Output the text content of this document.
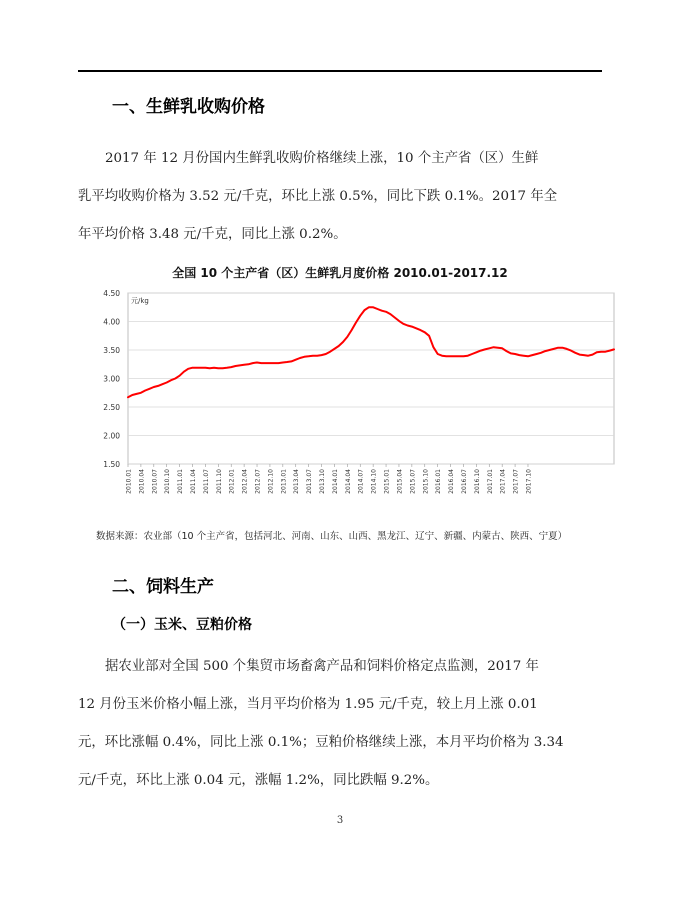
一、生鲜乳收购价格
2017 年 12 月份国内生鲜乳收购价格继续上涨，10 个主产省（区）生鲜
乳平均收购价格为 3.52 元/千克，环比上涨 0.5%，同比下跌 0.1%。2017 年全
年平均价格 3.48 元/千克，同比上涨 0.2%。
全国 10 个主产省（区）生鲜乳月度价格 2010.01-2017.12
4.50
4.00
3.50
3.00
2.50
2.00
1.50
元/kg
2010.01 2010.04 2010.07 2010.10 2011.01 2011.04 2011.07 2011.10 2012.01 2012.04 2012.07 2012.10 2013.01 2013.04 2013.07 2013.10 2014.01 2014.04 2014.07 2014.10 2015.01 2015.04 2015.07 2015.10 2016.01 2016.04 2016.07 2016.10 2017.01 2017.04 2017.07 2017.10
数据来源：农业部（10 个主产省，包括河北、河南、山东、山西、黑龙江、辽宁、新疆、内蒙古、陕西、宁夏）
二、饲料生产
（一）玉米、豆粕价格
据农业部对全国 500 个集贸市场畜禽产品和饲料价格定点监测，2017 年
12 月份玉米价格小幅上涨，当月平均价格为 1.95 元/千克，较上月上涨 0.01
元，环比涨幅 0.4%，同比上涨 0.1%；豆粕价格继续上涨，本月平均价格为 3.34
元/千克，环比上涨 0.04 元，涨幅 1.2%，同比跌幅 9.2%。
3
